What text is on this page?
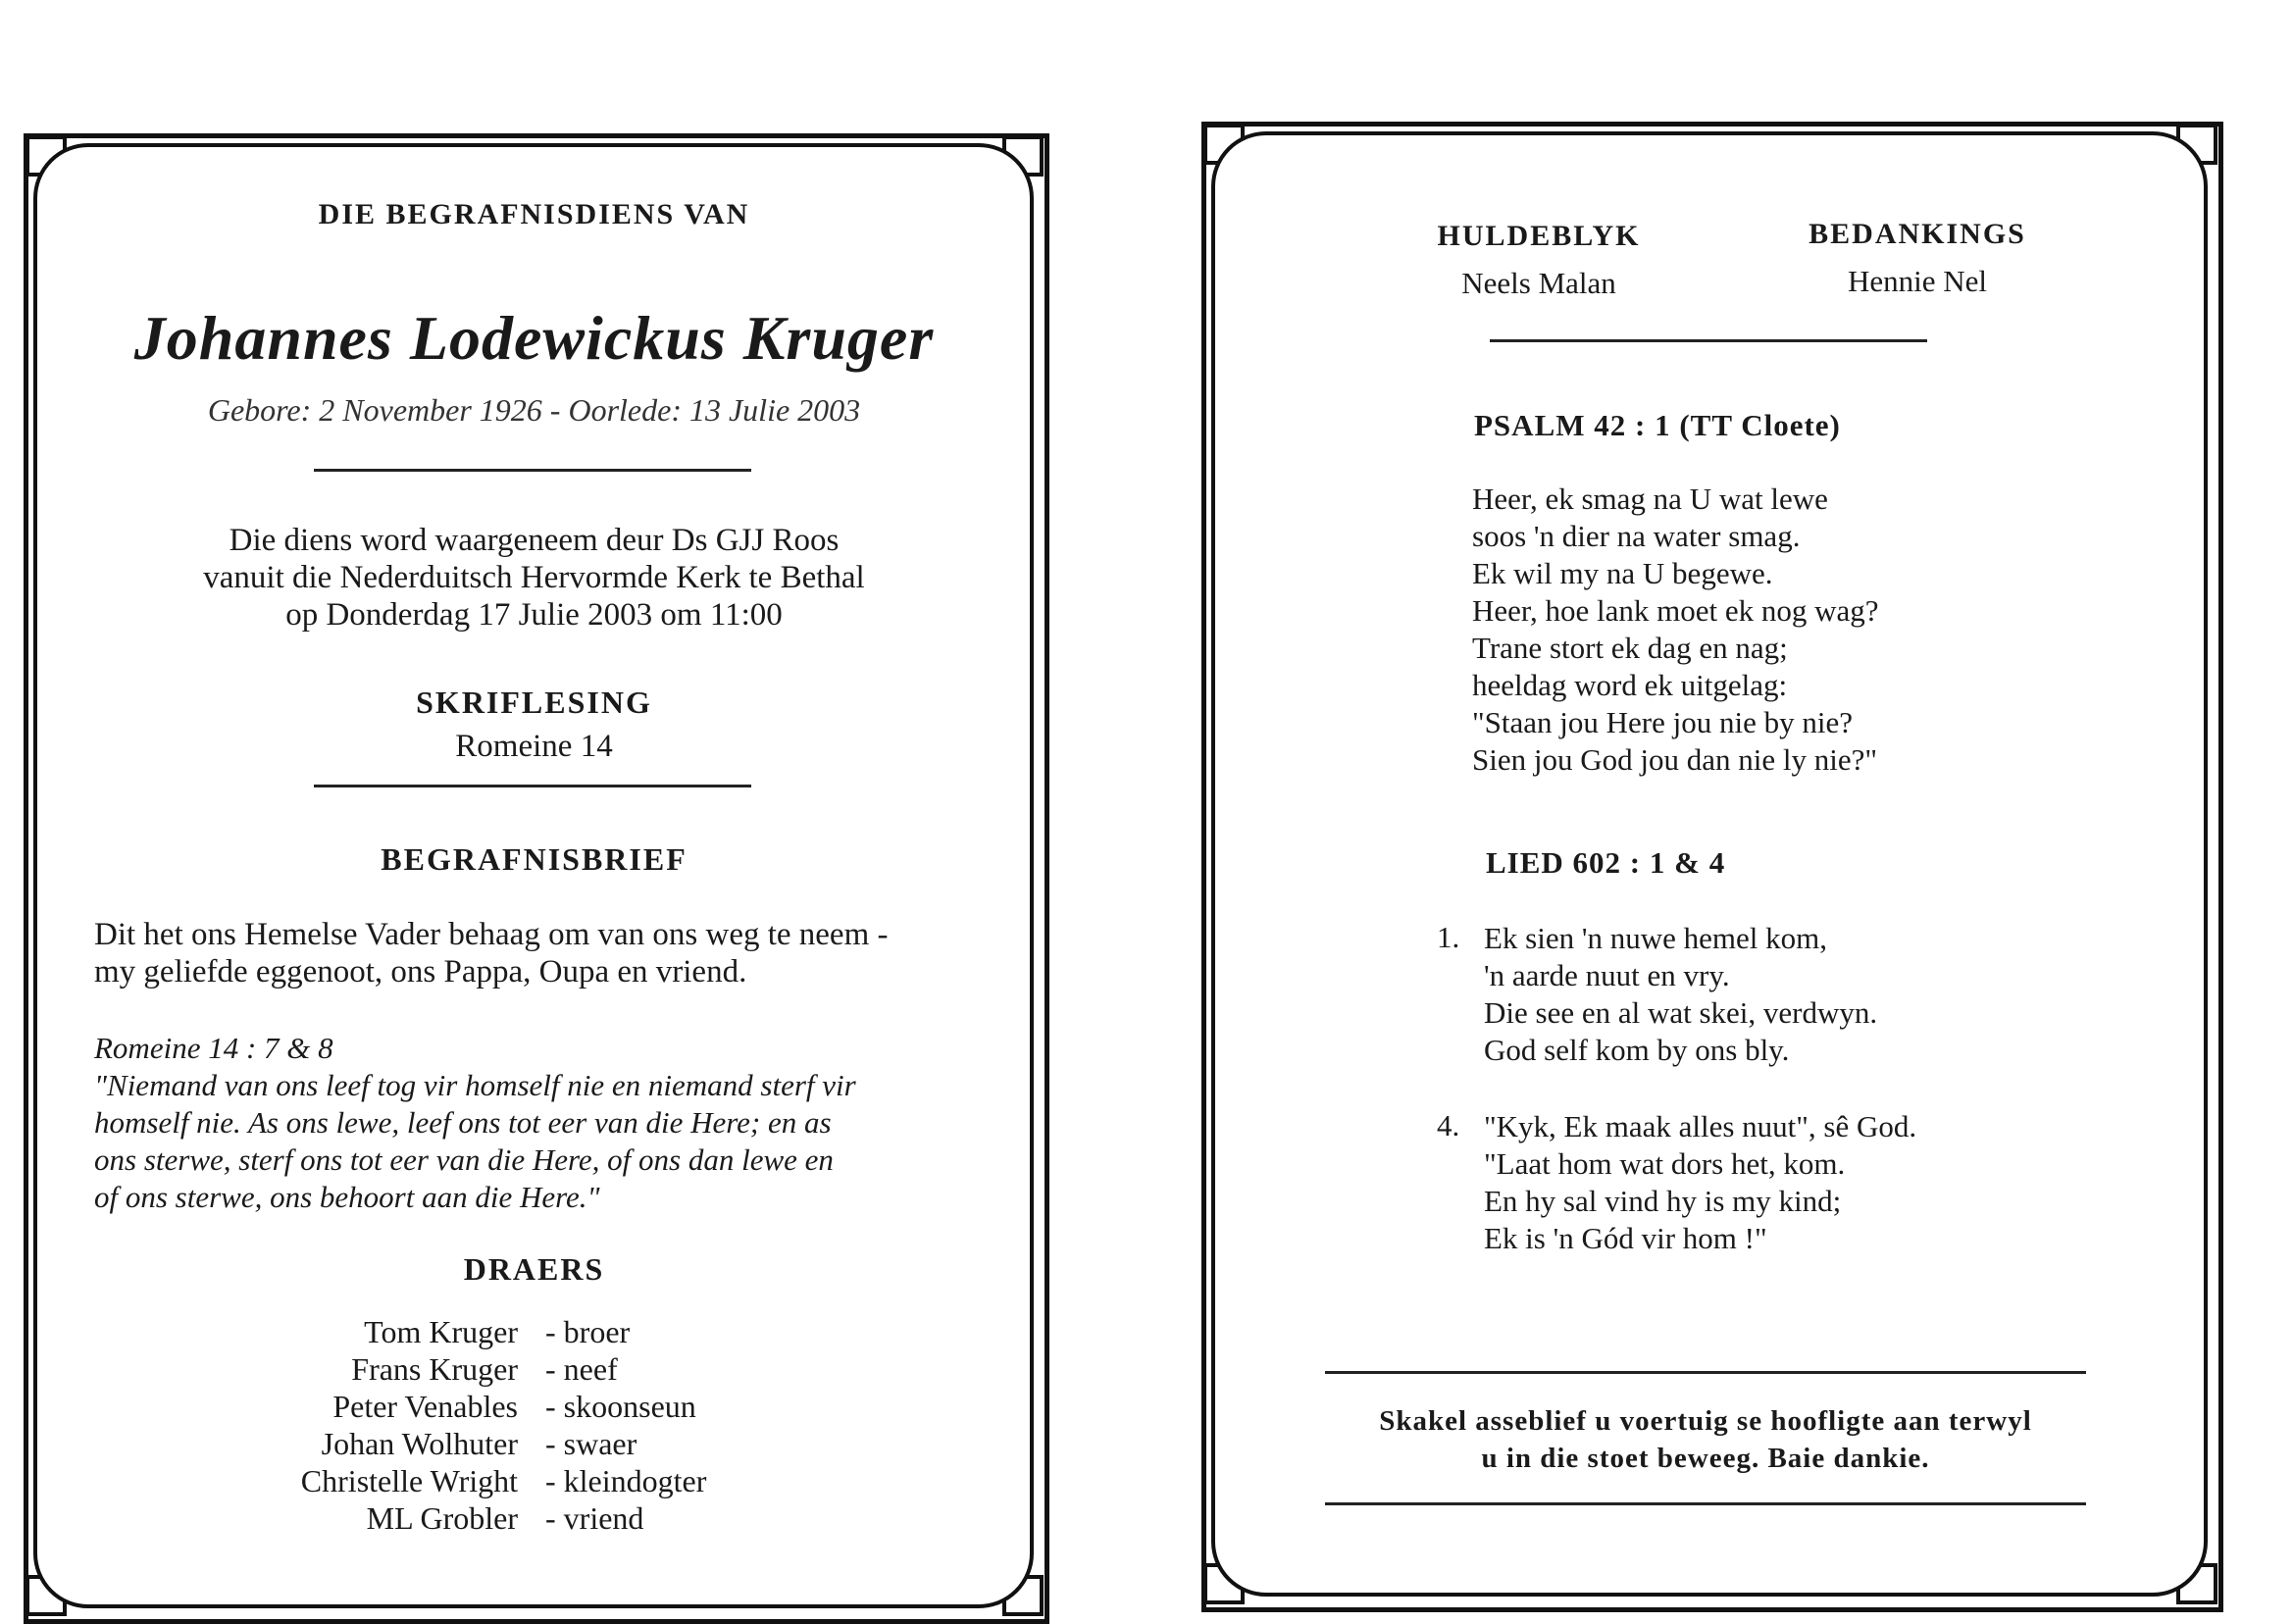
DIE BEGRAFNISDIENS VAN
Johannes Lodewickus Kruger
Gebore: 2 November 1926 - Oorlede: 13 Julie 2003
Die diens word waargeneem deur Ds GJJ Roos
vanuit die Nederduitsch Hervormde Kerk te Bethal
op Donderdag 17 Julie 2003 om 11:00
SKRIFLESING
Romeine 14
BEGRAFNISBRIEF
Dit het ons Hemelse Vader behaag om van ons weg te neem -
my geliefde eggenoot, ons Pappa, Oupa en vriend.
Romeine 14 : 7 & 8
"Niemand van ons leef tog vir homself nie en niemand sterf vir
homself nie. As ons lewe, leef ons tot eer van die Here; en as
ons sterwe, sterf ons tot eer van die Here, of ons dan lewe en
of ons sterwe, ons behoort aan die Here."
DRAERS
Tom Kruger - broer
Frans Kruger - neef
Peter Venables - skoonseun
Johan Wolhuter - swaer
Christelle Wright - kleindogter
ML Grobler - vriend
HULDEBLYK
Neels Malan
BEDANKINGS
Hennie Nel
PSALM 42 : 1 (TT Cloete)
Heer, ek smag na U wat lewe
soos 'n dier na water smag.
Ek wil my na U begewe.
Heer, hoe lank moet ek nog wag?
Trane stort ek dag en nag;
heeldag word ek uitgelag:
"Staan jou Here jou nie by nie?
Sien jou God jou dan nie ly nie?"
LIED 602 : 1 & 4
1. Ek sien 'n nuwe hemel kom,
'n aarde nuut en vry.
Die see en al wat skei, verdwyn.
God self kom by ons bly.
4. "Kyk, Ek maak alles nuut", sê God.
"Laat hom wat dors het, kom.
En hy sal vind hy is my kind;
Ek is 'n Gód vir hom !"
Skakel asseblief u voertuig se hoofligte aan terwyl
u in die stoet beweeg. Baie dankie.
